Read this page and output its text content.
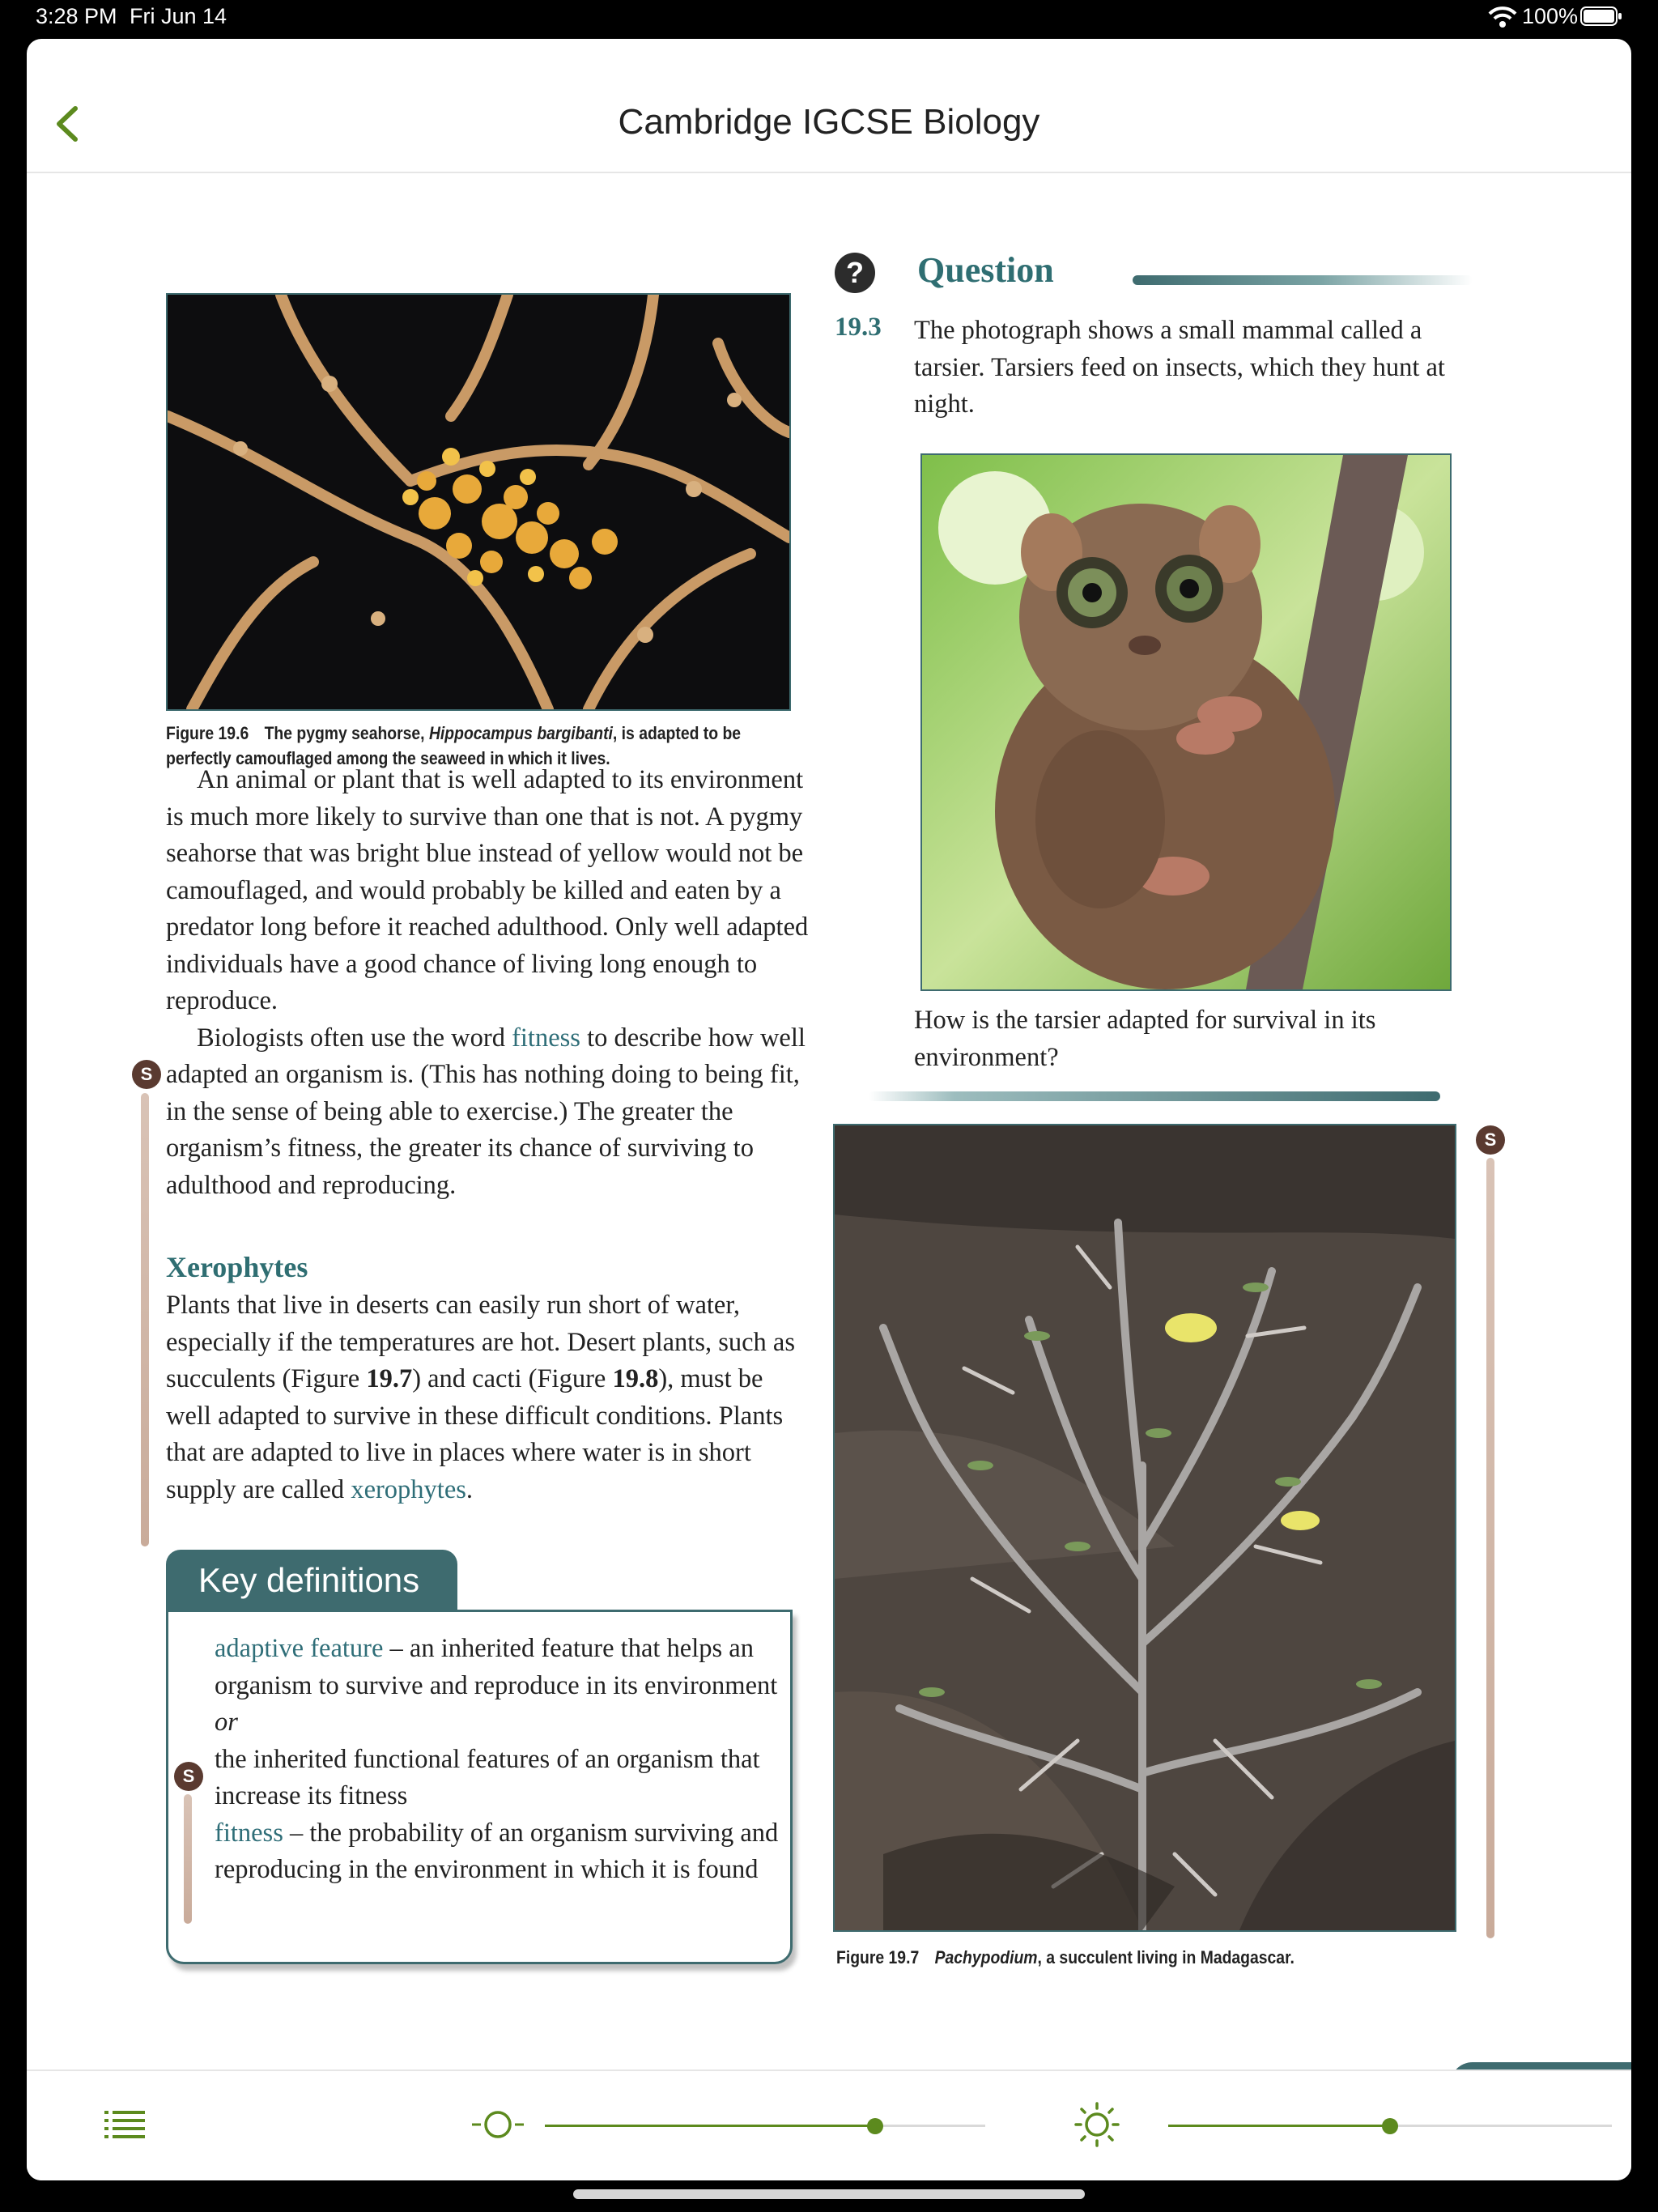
3:28 PM Fri Jun 14	100%
Cambridge IGCSE Biology
Figure 19.6 The pygmy seahorse, Hippocampus bargibanti, is adapted to be perfectly camouflaged among the seaweed in which it lives.

An animal or plant that is well adapted to its environment is much more likely to survive than one that is not. A pygmy seahorse that was bright blue instead of yellow would not be camouflaged, and would probably be killed and eaten by a predator long before it reached adulthood. Only well adapted individuals have a good chance of living long enough to reproduce.

Biologists often use the word fitness to describe how well adapted an organism is. (This has nothing doing to being fit, in the sense of being able to exercise.) The greater the organism’s fitness, the greater its chance of surviving to adulthood and reproducing.

S
Xerophytes

Plants that live in deserts can easily run short of water, especially if the temperatures are hot. Desert plants, such as succulents (Figure 19.7) and cacti (Figure 19.8), must be well adapted to survive in these difficult conditions. Plants that are adapted to live in places where water is in short supply are called xerophytes.

Key definitions

adaptive feature – an inherited feature that helps an organism to survive and reproduce in its environment or

the inherited functional features of an organism that increase its fitness

fitness – the probability of an organism surviving and reproducing in the environment in which it is found

S
?	Question
19.3 The photograph shows a small mammal called a tarsier. Tarsiers feed on insects, which they hunt at night.
How is the tarsier adapted for survival in its environment?
S
Figure 19.7 Pachypodium, a succulent living in Madagascar.
